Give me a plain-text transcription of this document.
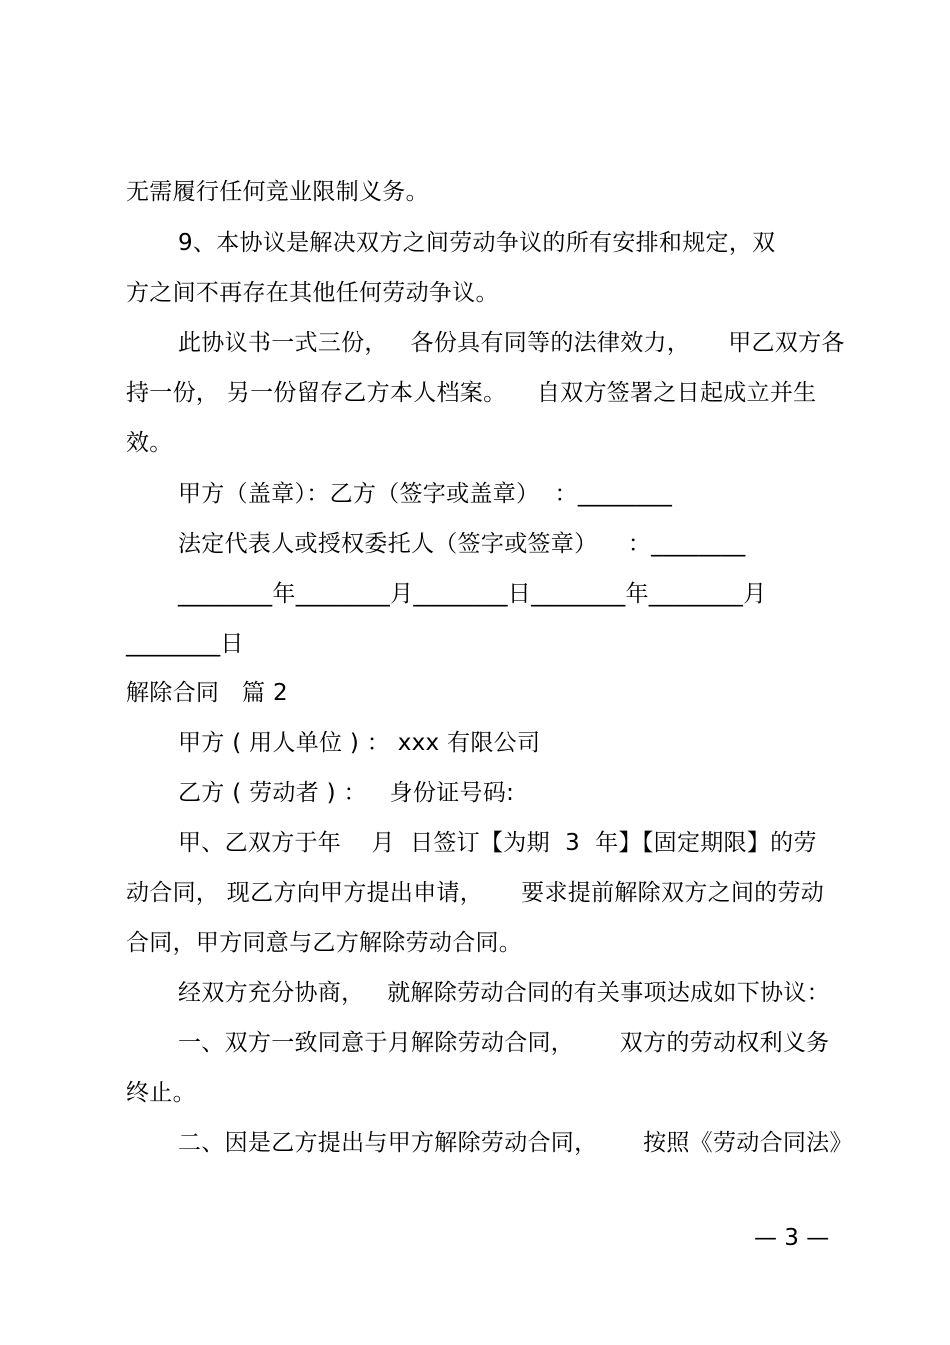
无需履行任何竞业限制义务。
9、本协议是解决双方之间劳动争议的所有安排和规定，双
方之间不再存在其他任何劳动争议。
此协议书一式三份，   各份具有同等的法律效力，     甲乙双方各
持一份， 另一份留存乙方本人档案。    自双方签署之日起成立并生
效。
甲方（盖章）：乙方（签字或盖章）  ：________
法定代表人或授权委托人（签字或签章）    ：________
________年________月________日________年________月
________日
解除合同   篇 2
甲方 ( 用人单位 ) ： xxx 有限公司
乙方 ( 劳动者 ) ：   身份证号码:
甲、乙双方于年    月  日签订【为期  3  年】【固定期限】的劳
动合同， 现乙方向甲方提出申请，     要求提前解除双方之间的劳动
合同，甲方同意与乙方解除劳动合同。
经双方充分协商，   就解除劳动合同的有关事项达成如下协议：
一、双方一致同意于月解除劳动合同，      双方的劳动权利义务
终止。
二、因是乙方提出与甲方解除劳动合同，      按照《劳动合同法》
— 3 —
